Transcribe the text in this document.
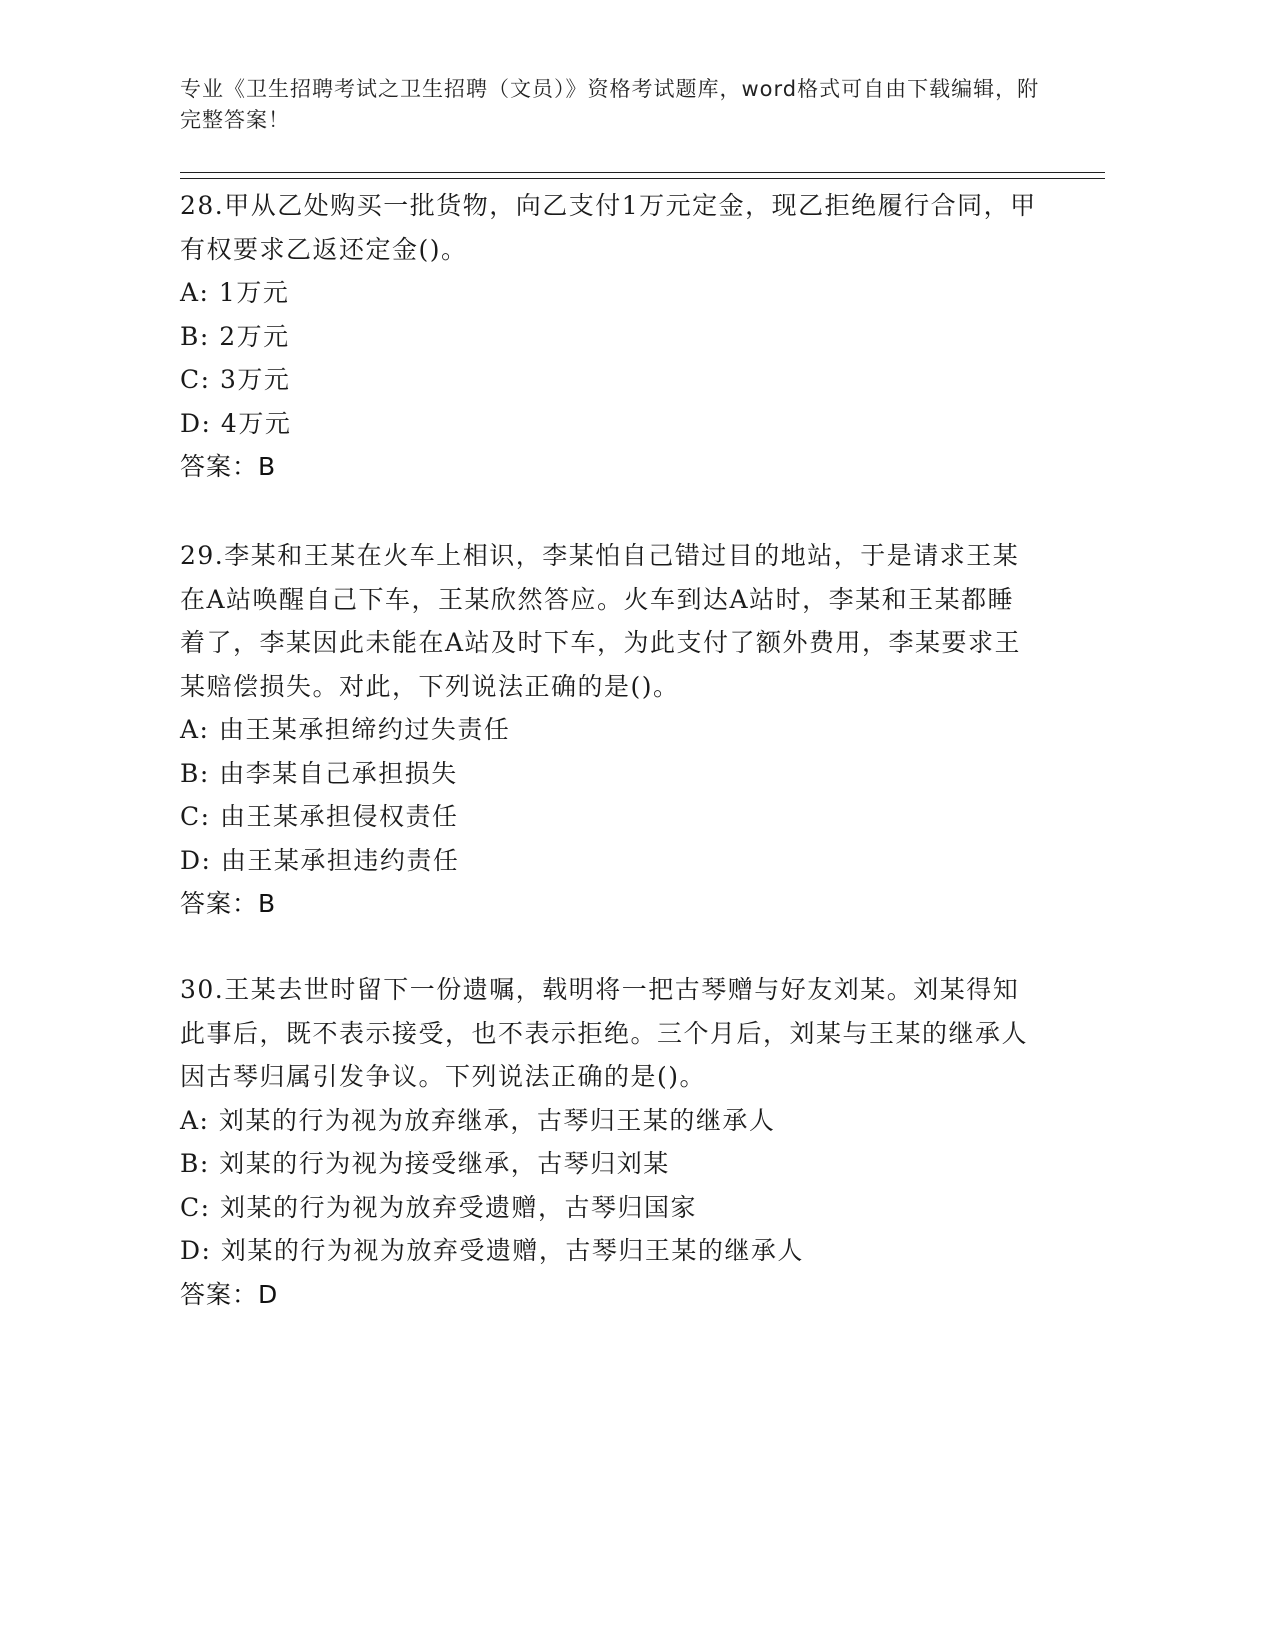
专业《卫生招聘考试之卫生招聘（文员）》资格考试题库，word格式可自由下载编辑，附完整答案！
28.甲从乙处购买一批货物，向乙支付1万元定金，现乙拒绝履行合同，甲有权要求乙返还定金()。
A: 1万元
B: 2万元
C: 3万元
D: 4万元
答案：B
29.李某和王某在火车上相识，李某怕自己错过目的地站，于是请求王某在A站唤醒自己下车，王某欣然答应。火车到达A站时，李某和王某都睡着了，李某因此未能在A站及时下车，为此支付了额外费用，李某要求王某赔偿损失。对此，下列说法正确的是()。
A: 由王某承担缔约过失责任
B: 由李某自己承担损失
C: 由王某承担侵权责任
D: 由王某承担违约责任
答案：B
30.王某去世时留下一份遗嘱，载明将一把古琴赠与好友刘某。刘某得知此事后，既不表示接受，也不表示拒绝。三个月后，刘某与王某的继承人因古琴归属引发争议。下列说法正确的是()。
A: 刘某的行为视为放弃继承，古琴归王某的继承人
B: 刘某的行为视为接受继承，古琴归刘某
C: 刘某的行为视为放弃受遗赠，古琴归国家
D: 刘某的行为视为放弃受遗赠，古琴归王某的继承人
答案：D
